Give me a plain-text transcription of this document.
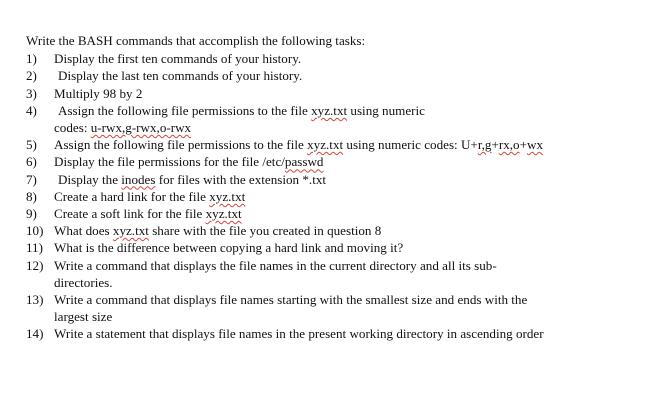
Write the BASH commands that accomplish the following tasks:
1)	Display the first ten commands of your history.
2)	Display the last ten commands of your history.
3)	Multiply 98 by 2
4)	Assign the following file permissions to the file xyz.txt using numeric
codes: u-rwx,g-rwx,o-rwx
5)	Assign the following file permissions to the file xyz.txt using numeric codes: U+r,g+rx,o+wx
6)	Display the file permissions for the file /etc/passwd
7)	Display the inodes for files with the extension *.txt
8)	Create a hard link for the file xyz.txt
9)	Create a soft link for the file xyz.txt
10) What does xyz.txt share with the file you created in question 8
11) What is the difference between copying a hard link and moving it?
12) Write a command that displays the file names in the current directory and all its sub-
directories.
13) Write a command that displays file names starting with the smallest size and ends with the
largest size
14) Write a statement that displays file names in the present working directory in ascending order
